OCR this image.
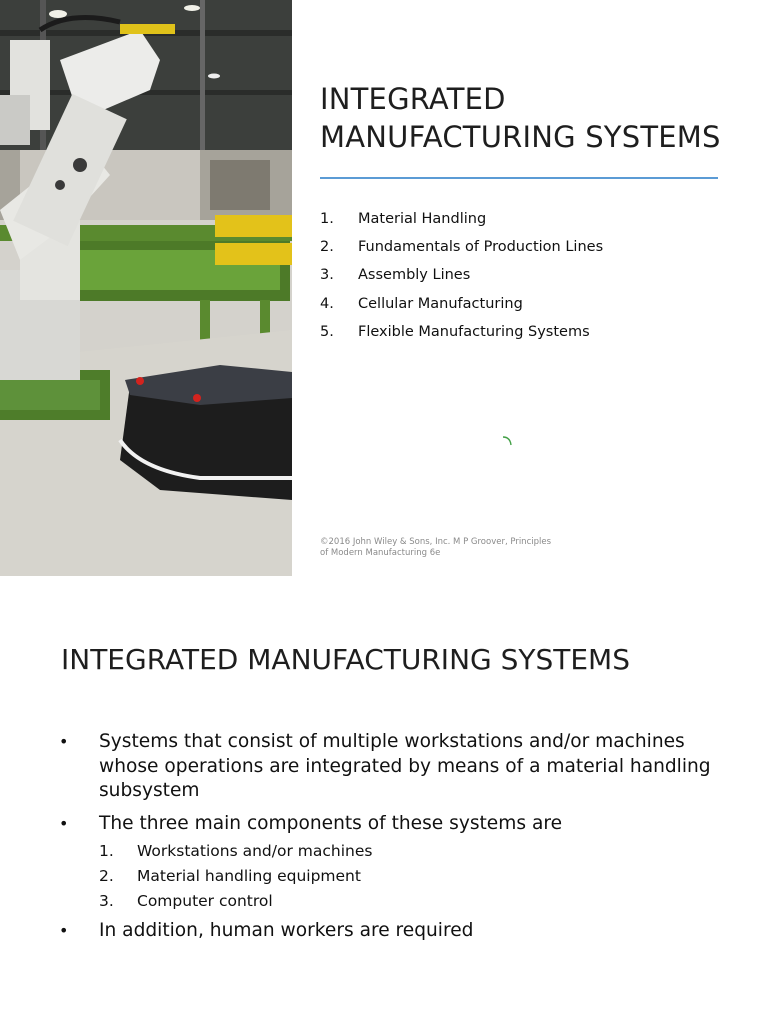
INTEGRATED
MANUFACTURING SYSTEMS
1.	Material Handling
2.	Fundamentals of Production Lines
3.	Assembly Lines
4.	Cellular Manufacturing
5.	Flexible Manufacturing Systems
©2016 John Wiley & Sons, Inc. M P Groover, Principles of Modern Manufacturing 6e
INTEGRATED MANUFACTURING SYSTEMS
• Systems that consist of multiple workstations and/or machines whose operations are integrated by means of a material handling subsystem
• The three main components of these systems are
1.	Workstations and/or machines
2.	Material handling equipment
3.	Computer control
• In addition, human workers are required
